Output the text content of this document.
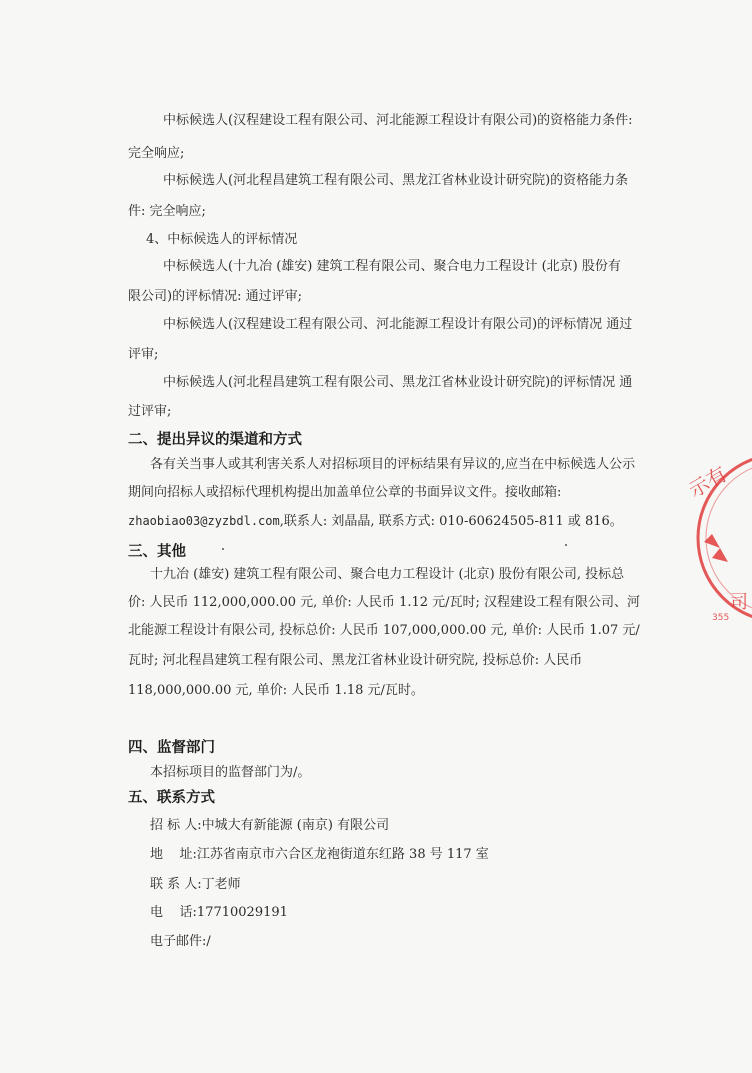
中标候选人(汉程建设工程有限公司、河北能源工程设计有限公司)的资格能力条件:
完全响应;
中标候选人(河北程昌建筑工程有限公司、黑龙江省林业设计研究院)的资格能力条
件: 完全响应;
4、中标候选人的评标情况
中标候选人(十九冶 (雄安) 建筑工程有限公司、聚合电力工程设计 (北京) 股份有
限公司)的评标情况: 通过评审;
中标候选人(汉程建设工程有限公司、河北能源工程设计有限公司)的评标情况 通过
评审;
中标候选人(河北程昌建筑工程有限公司、黑龙江省林业设计研究院)的评标情况 通
过评审;
二、提出异议的渠道和方式
各有关当事人或其利害关系人对招标项目的评标结果有异议的,应当在中标候选人公示
期间向招标人或招标代理机构提出加盖单位公章的书面异议文件。接收邮箱:
zhaobiao03@zyzbdl.com,联系人: 刘晶晶, 联系方式: 010-60624505-811 或 816。
三、其他
十九冶 (雄安) 建筑工程有限公司、聚合电力工程设计 (北京) 股份有限公司, 投标总
价: 人民币 112,000,000.00 元, 单价: 人民币 1.12 元/瓦时; 汉程建设工程有限公司、河
北能源工程设计有限公司, 投标总价: 人民币 107,000,000.00 元, 单价: 人民币 1.07 元/
瓦时; 河北程昌建筑工程有限公司、黑龙江省林业设计研究院, 投标总价: 人民币
118,000,000.00 元, 单价: 人民币 1.18 元/瓦时。
四、监督部门
本招标项目的监督部门为/。
五、联系方式
招 标 人:中城大有新能源 (南京) 有限公司
地    址:江苏省南京市六合区龙袍街道东红路 38 号 117 室
联 系 人:丁老师
电    话:17710029191
电子邮件:/
示有
司
355
